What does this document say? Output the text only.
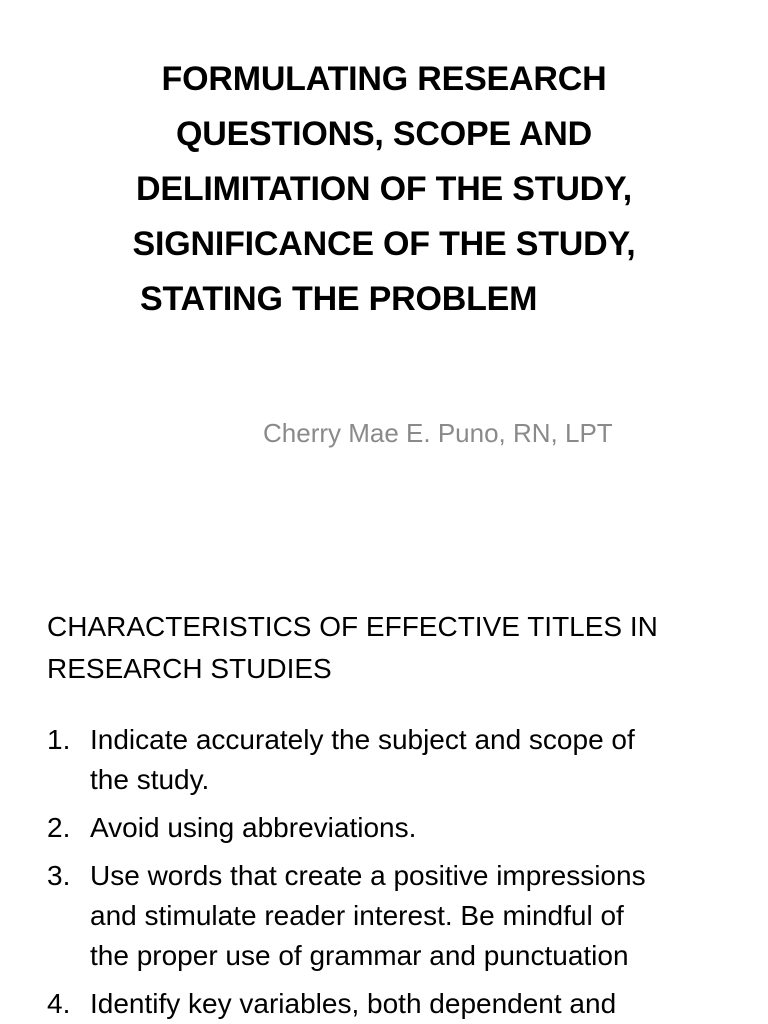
FORMULATING RESEARCH
QUESTIONS, SCOPE AND
DELIMITATION OF THE STUDY,
SIGNIFICANCE OF THE STUDY,
STATING THE PROBLEM
Cherry Mae E. Puno, RN, LPT
CHARACTERISTICS OF EFFECTIVE TITLES IN
RESEARCH STUDIES
1. Indicate accurately the subject and scope of
the study.
2. Avoid using abbreviations.
3. Use words that create a positive impressions
and stimulate reader interest. Be mindful of
the proper use of grammar and punctuation
4. Identify key variables, both dependent and
